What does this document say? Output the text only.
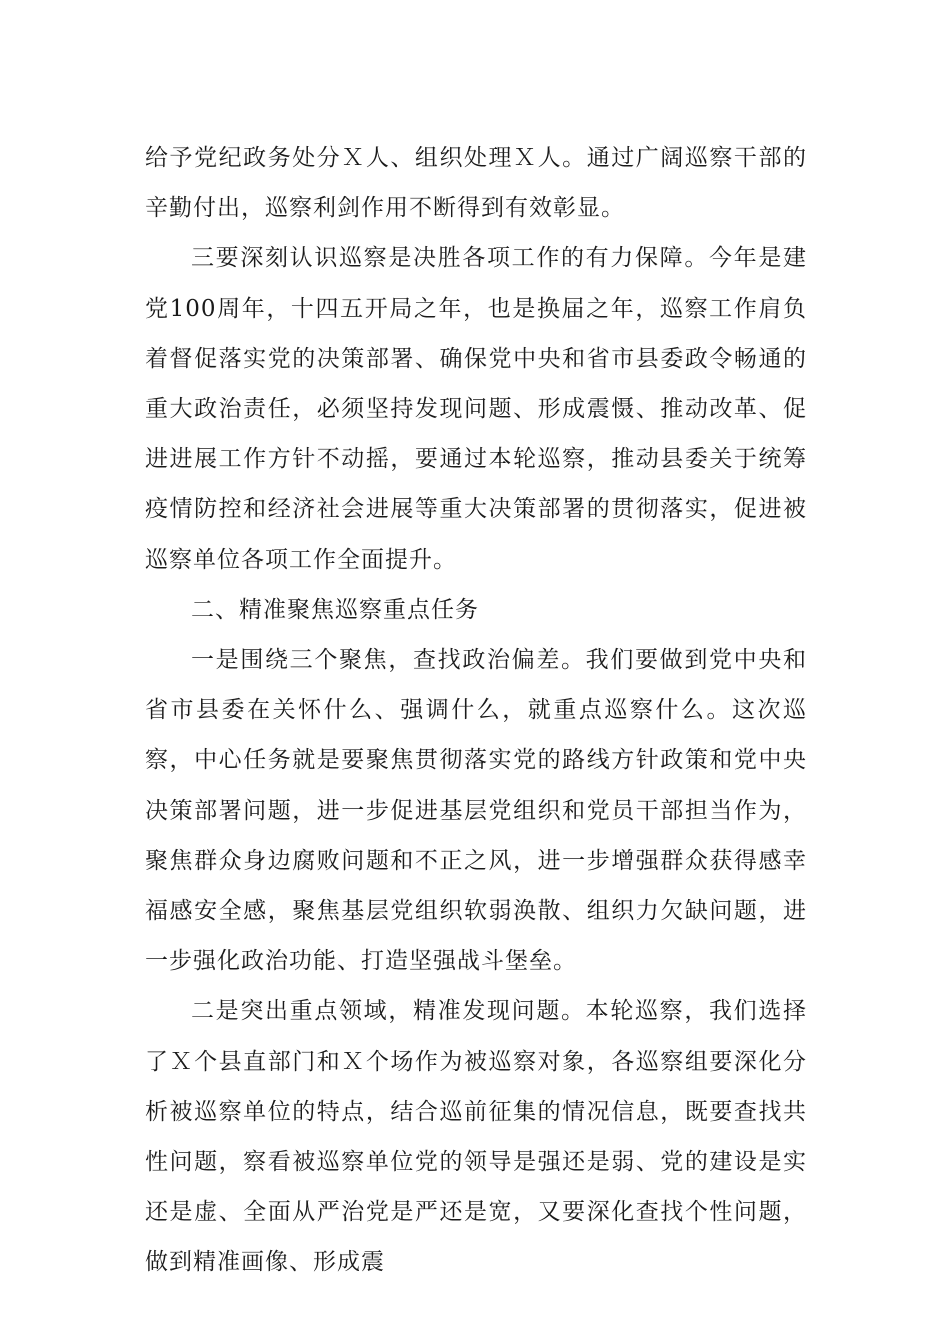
给予党纪政务处分Ｘ人、组织处理Ｘ人。通过广阔巡察干部的辛勤付出，巡察利剑作用不断得到有效彰显。

三要深刻认识巡察是决胜各项工作的有力保障。今年是建党100周年，十四五开局之年，也是换届之年，巡察工作肩负着督促落实党的决策部署、确保党中央和省市县委政令畅通的重大政治责任，必须坚持发现问题、形成震慑、推动改革、促进进展工作方针不动摇，要通过本轮巡察，推动县委关于统筹疫情防控和经济社会进展等重大决策部署的贯彻落实，促进被巡察单位各项工作全面提升。

二、精准聚焦巡察重点任务

一是围绕三个聚焦，查找政治偏差。我们要做到党中央和省市县委在关怀什么、强调什么，就重点巡察什么。这次巡察，中心任务就是要聚焦贯彻落实党的路线方针政策和党中央决策部署问题，进一步促进基层党组织和党员干部担当作为，聚焦群众身边腐败问题和不正之风，进一步增强群众获得感幸福感安全感，聚焦基层党组织软弱涣散、组织力欠缺问题，进一步强化政治功能、打造坚强战斗堡垒。

二是突出重点领域，精准发现问题。本轮巡察，我们选择了Ｘ个县直部门和Ｘ个场作为被巡察对象，各巡察组要深化分析被巡察单位的特点，结合巡前征集的情况信息，既要查找共性问题，察看被巡察单位党的领导是强还是弱、党的建设是实还是虚、全面从严治党是严还是宽，又要深化查找个性问题，做到精准画像、形成震
